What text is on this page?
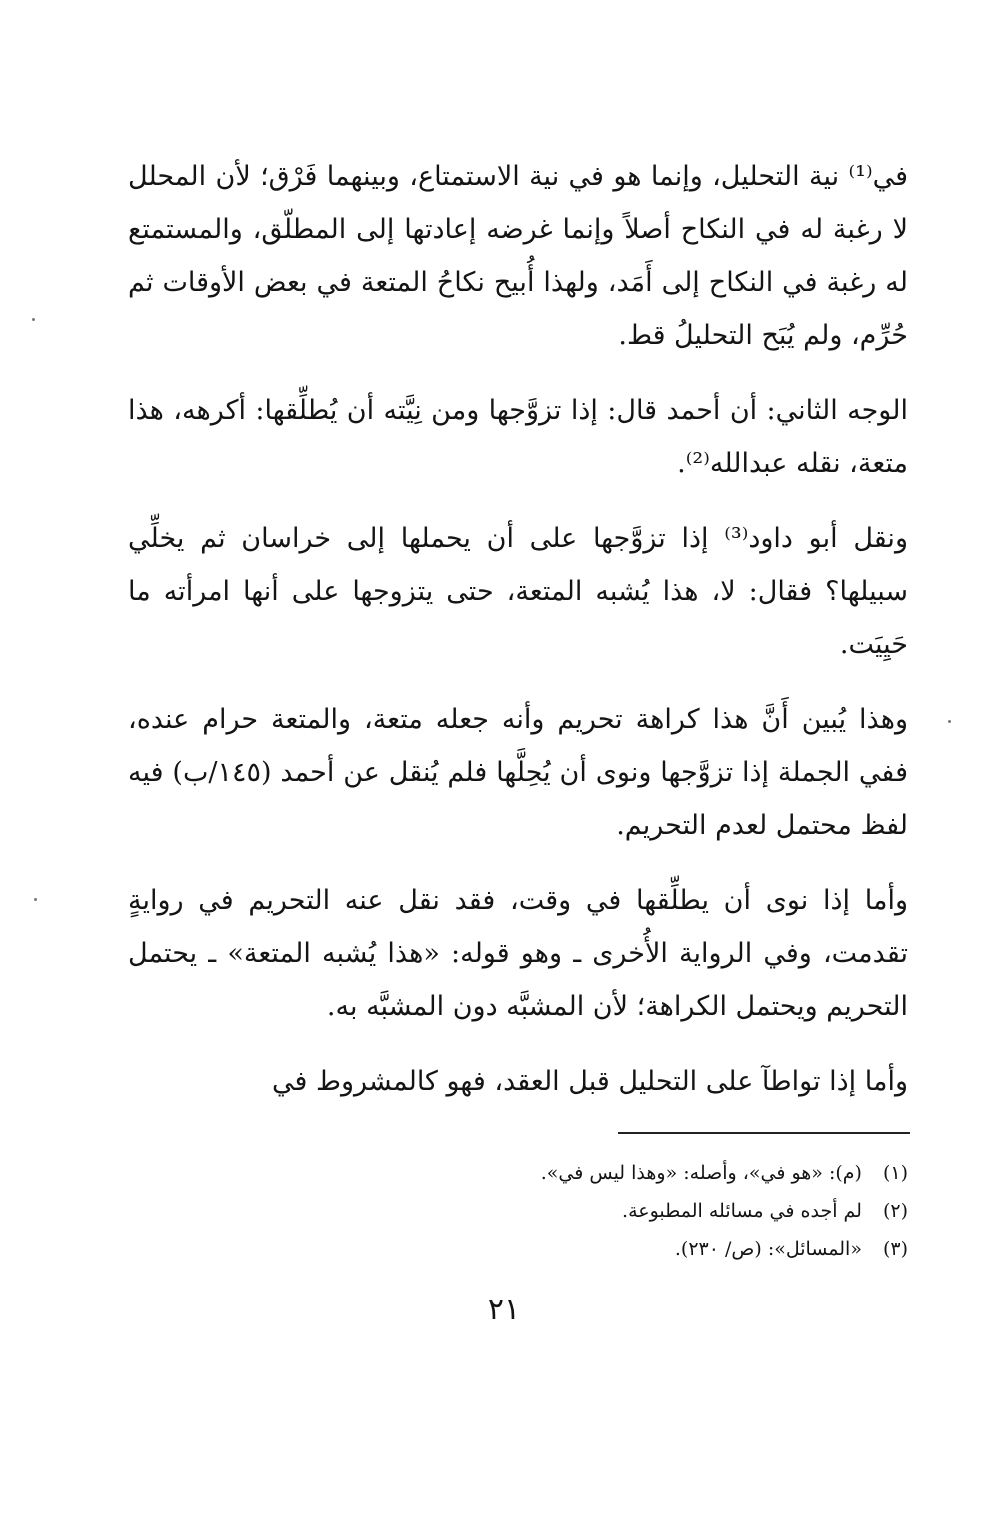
في⁽¹⁾ نية التحليل، وإنما هو في نية الاستمتاع، وبينهما فَرْق؛ لأن المحلل لا رغبة له في النكاح أصلاً وإنما غرضه إعادتها إلى المطلّق، والمستمتع له رغبة في النكاح إلى أَمَد، ولهذا أُبيح نكاحُ المتعة في بعض الأوقات ثم حُرِّم، ولم يُبَح التحليلُ قط.

الوجه الثاني: أن أحمد قال: إذا تزوَّجها ومن نِيَّته أن يُطلِّقها: أكرهه، هذا متعة، نقله عبدالله⁽²⁾.

ونقل أبو داود⁽³⁾ إذا تزوَّجها على أن يحملها إلى خراسان ثم يخلِّي سبيلها؟ فقال: لا، هذا يُشبه المتعة، حتى يتزوجها على أنها امرأته ما حَيِيَت.

وهذا يُبين أَنَّ هذا كراهة تحريم وأنه جعله متعة، والمتعة حرام عنده، ففي الجملة إذا تزوَّجها ونوى أن يُحِلَّها فلم يُنقل عن أحمد (١٤٥/ب) فيه لفظ محتمل لعدم التحريم.

وأما إذا نوى أن يطلِّقها في وقت، فقد نقل عنه التحريم في روايةٍ تقدمت، وفي الرواية الأُخرى ـ وهو قوله: «هذا يُشبه المتعة» ـ يحتمل التحريم ويحتمل الكراهة؛ لأن المشبَّه دون المشبَّه به.

وأما إذا تواطآ على التحليل قبل العقد، فهو كالمشروط في

(١) (م): «هو في»، وأصله: «وهذا ليس في».
(٢) لم أجده في مسائله المطبوعة.
(٣) «المسائل»: (ص/ ٢٣٠).
٢١
